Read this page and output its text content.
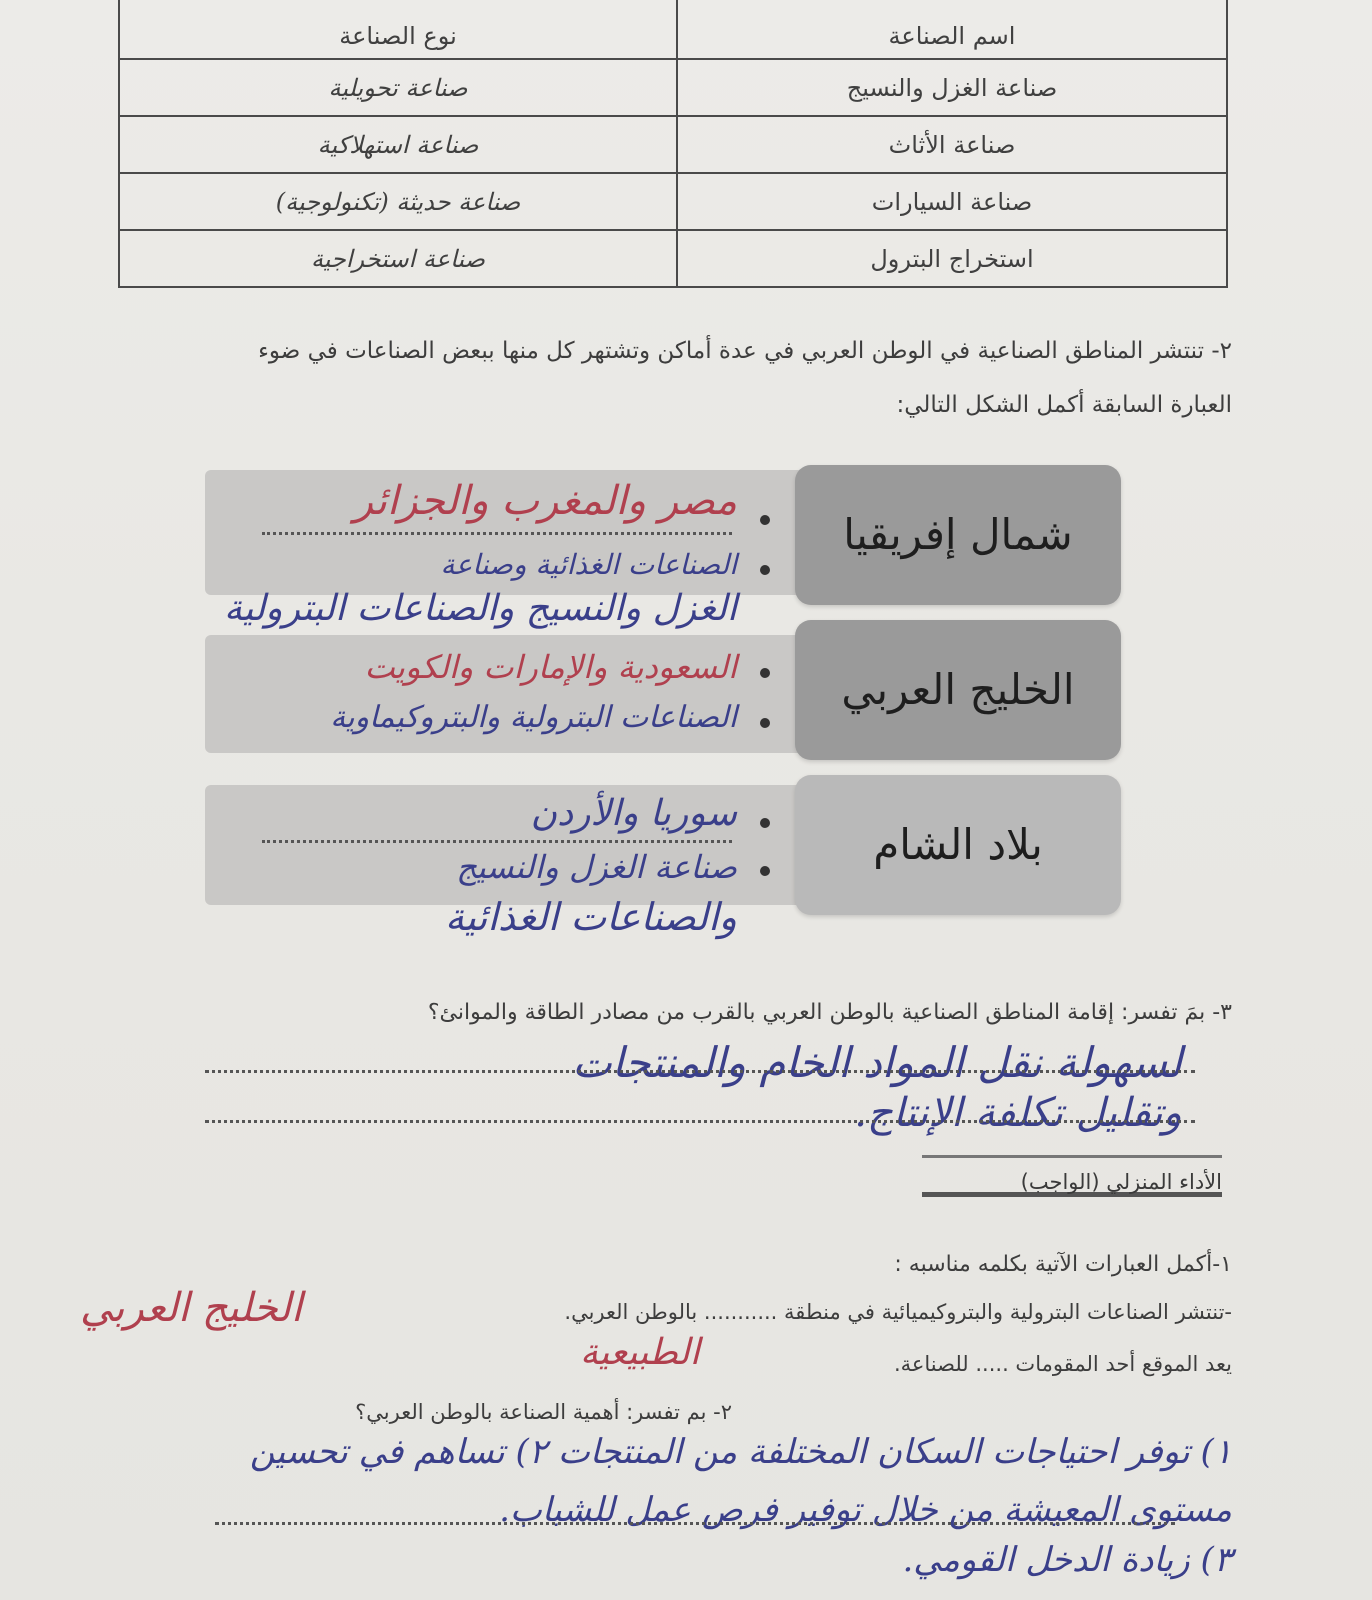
اسم الصناعة	نوع الصناعة
صناعة الغزل والنسيج	صناعة تحويلية
صناعة الأثاث	صناعة استهلاكية
صناعة السيارات	صناعة حديثة (تكنولوجية)
استخراج البترول	صناعة استخراجية
٢- تنتشر المناطق الصناعية في الوطن العربي في عدة أماكن وتشتهر كل منها ببعض الصناعات في ضوء
العبارة السابقة أكمل الشكل التالي:
شمال إفريقيا
مصر والمغرب والجزائر
الصناعات الغذائية وصناعة
الغزل والنسيج والصناعات البترولية
الخليج العربي
السعودية والإمارات والكويت
الصناعات البترولية والبتروكيماوية
بلاد الشام
سوريا والأردن
صناعة الغزل والنسيج
والصناعات الغذائية
٣- بمَ تفسر: إقامة المناطق الصناعية بالوطن العربي بالقرب من مصادر الطاقة والموانئ؟
لسهولة نقل المواد الخام والمنتجات
وتقليل تكلفة الإنتاج.
الأداء المنزلي (الواجب)
١-أكمل العبارات الآتية بكلمه مناسبه :
-تنتشر الصناعات البترولية والبتروكيميائية في منطقة ........... بالوطن العربي.
الخليج العربي
يعد الموقع أحد المقومات ..... للصناعة.
الطبيعية
٢- بم تفسر: أهمية الصناعة بالوطن العربي؟
١) توفر احتياجات السكان المختلفة من المنتجات ٢) تساهم في تحسين
مستوى المعيشة من خلال توفير فرص عمل للشباب.
٣) زيادة الدخل القومي.
